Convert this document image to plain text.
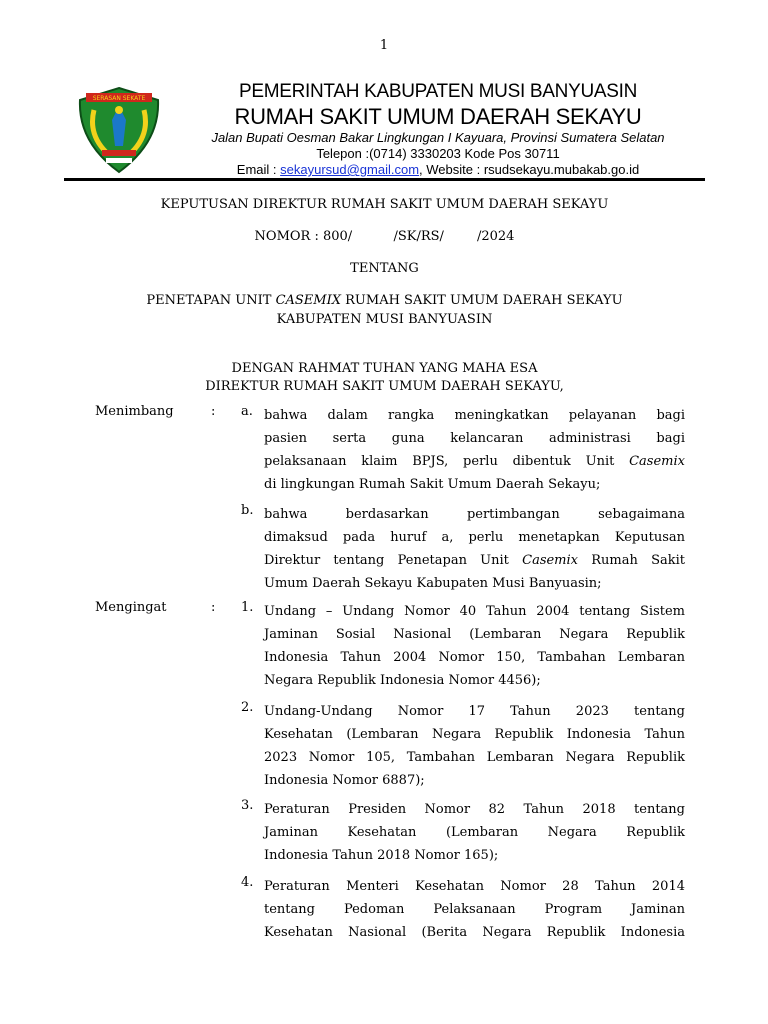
1
SERASAN SEKATE	PEMERINTAH KABUPATEN MUSI BANYUASIN
RUMAH SAKIT UMUM DAERAH SEKAYU
Jalan Bupati Oesman Bakar Lingkungan I Kayuara, Provinsi Sumatera Selatan
Telepon :(0714) 3330203 Kode Pos 30711
Email : sekayursud@gmail.com, Website : rsudsekayu.mubakab.go.id
KEPUTUSAN DIREKTUR RUMAH SAKIT UMUM DAERAH SEKAYU
NOMOR : 800/          /SK/RS/        /2024
TENTANG
PENETAPAN UNIT CASEMIX RUMAH SAKIT UMUM DAERAH SEKAYU
KABUPATEN MUSI BANYUASIN
DENGAN RAHMAT TUHAN YANG MAHA ESA
DIREKTUR RUMAH SAKIT UMUM DAERAH SEKAYU,
Menimbang	: a. bahwa dalam rangka meningkatkan pelayanan bagi
pasien serta guna kelancaran administrasi bagi
pelaksanaan klaim BPJS, perlu dibentuk Unit Casemix
di lingkungan Rumah Sakit Umum Daerah Sekayu;
b. bahwa berdasarkan pertimbangan sebagaimana
dimaksud pada huruf a, perlu menetapkan Keputusan
Direktur tentang Penetapan Unit Casemix Rumah Sakit
Umum Daerah Sekayu Kabupaten Musi Banyuasin;
Mengingat	: 1. Undang – Undang Nomor 40 Tahun 2004 tentang Sistem
Jaminan Sosial Nasional (Lembaran Negara Republik
Indonesia Tahun 2004 Nomor 150, Tambahan Lembaran
Negara Republik Indonesia Nomor 4456);
2. Undang-Undang Nomor 17 Tahun 2023 tentang
Kesehatan (Lembaran Negara Republik Indonesia Tahun
2023 Nomor 105, Tambahan Lembaran Negara Republik
Indonesia Nomor 6887);
3. Peraturan Presiden Nomor 82 Tahun 2018 tentang
Jaminan Kesehatan (Lembaran Negara Republik
Indonesia Tahun 2018 Nomor 165);
4. Peraturan Menteri Kesehatan Nomor 28 Tahun 2014
tentang Pedoman Pelaksanaan Program Jaminan
Kesehatan Nasional (Berita Negara Republik Indonesia
